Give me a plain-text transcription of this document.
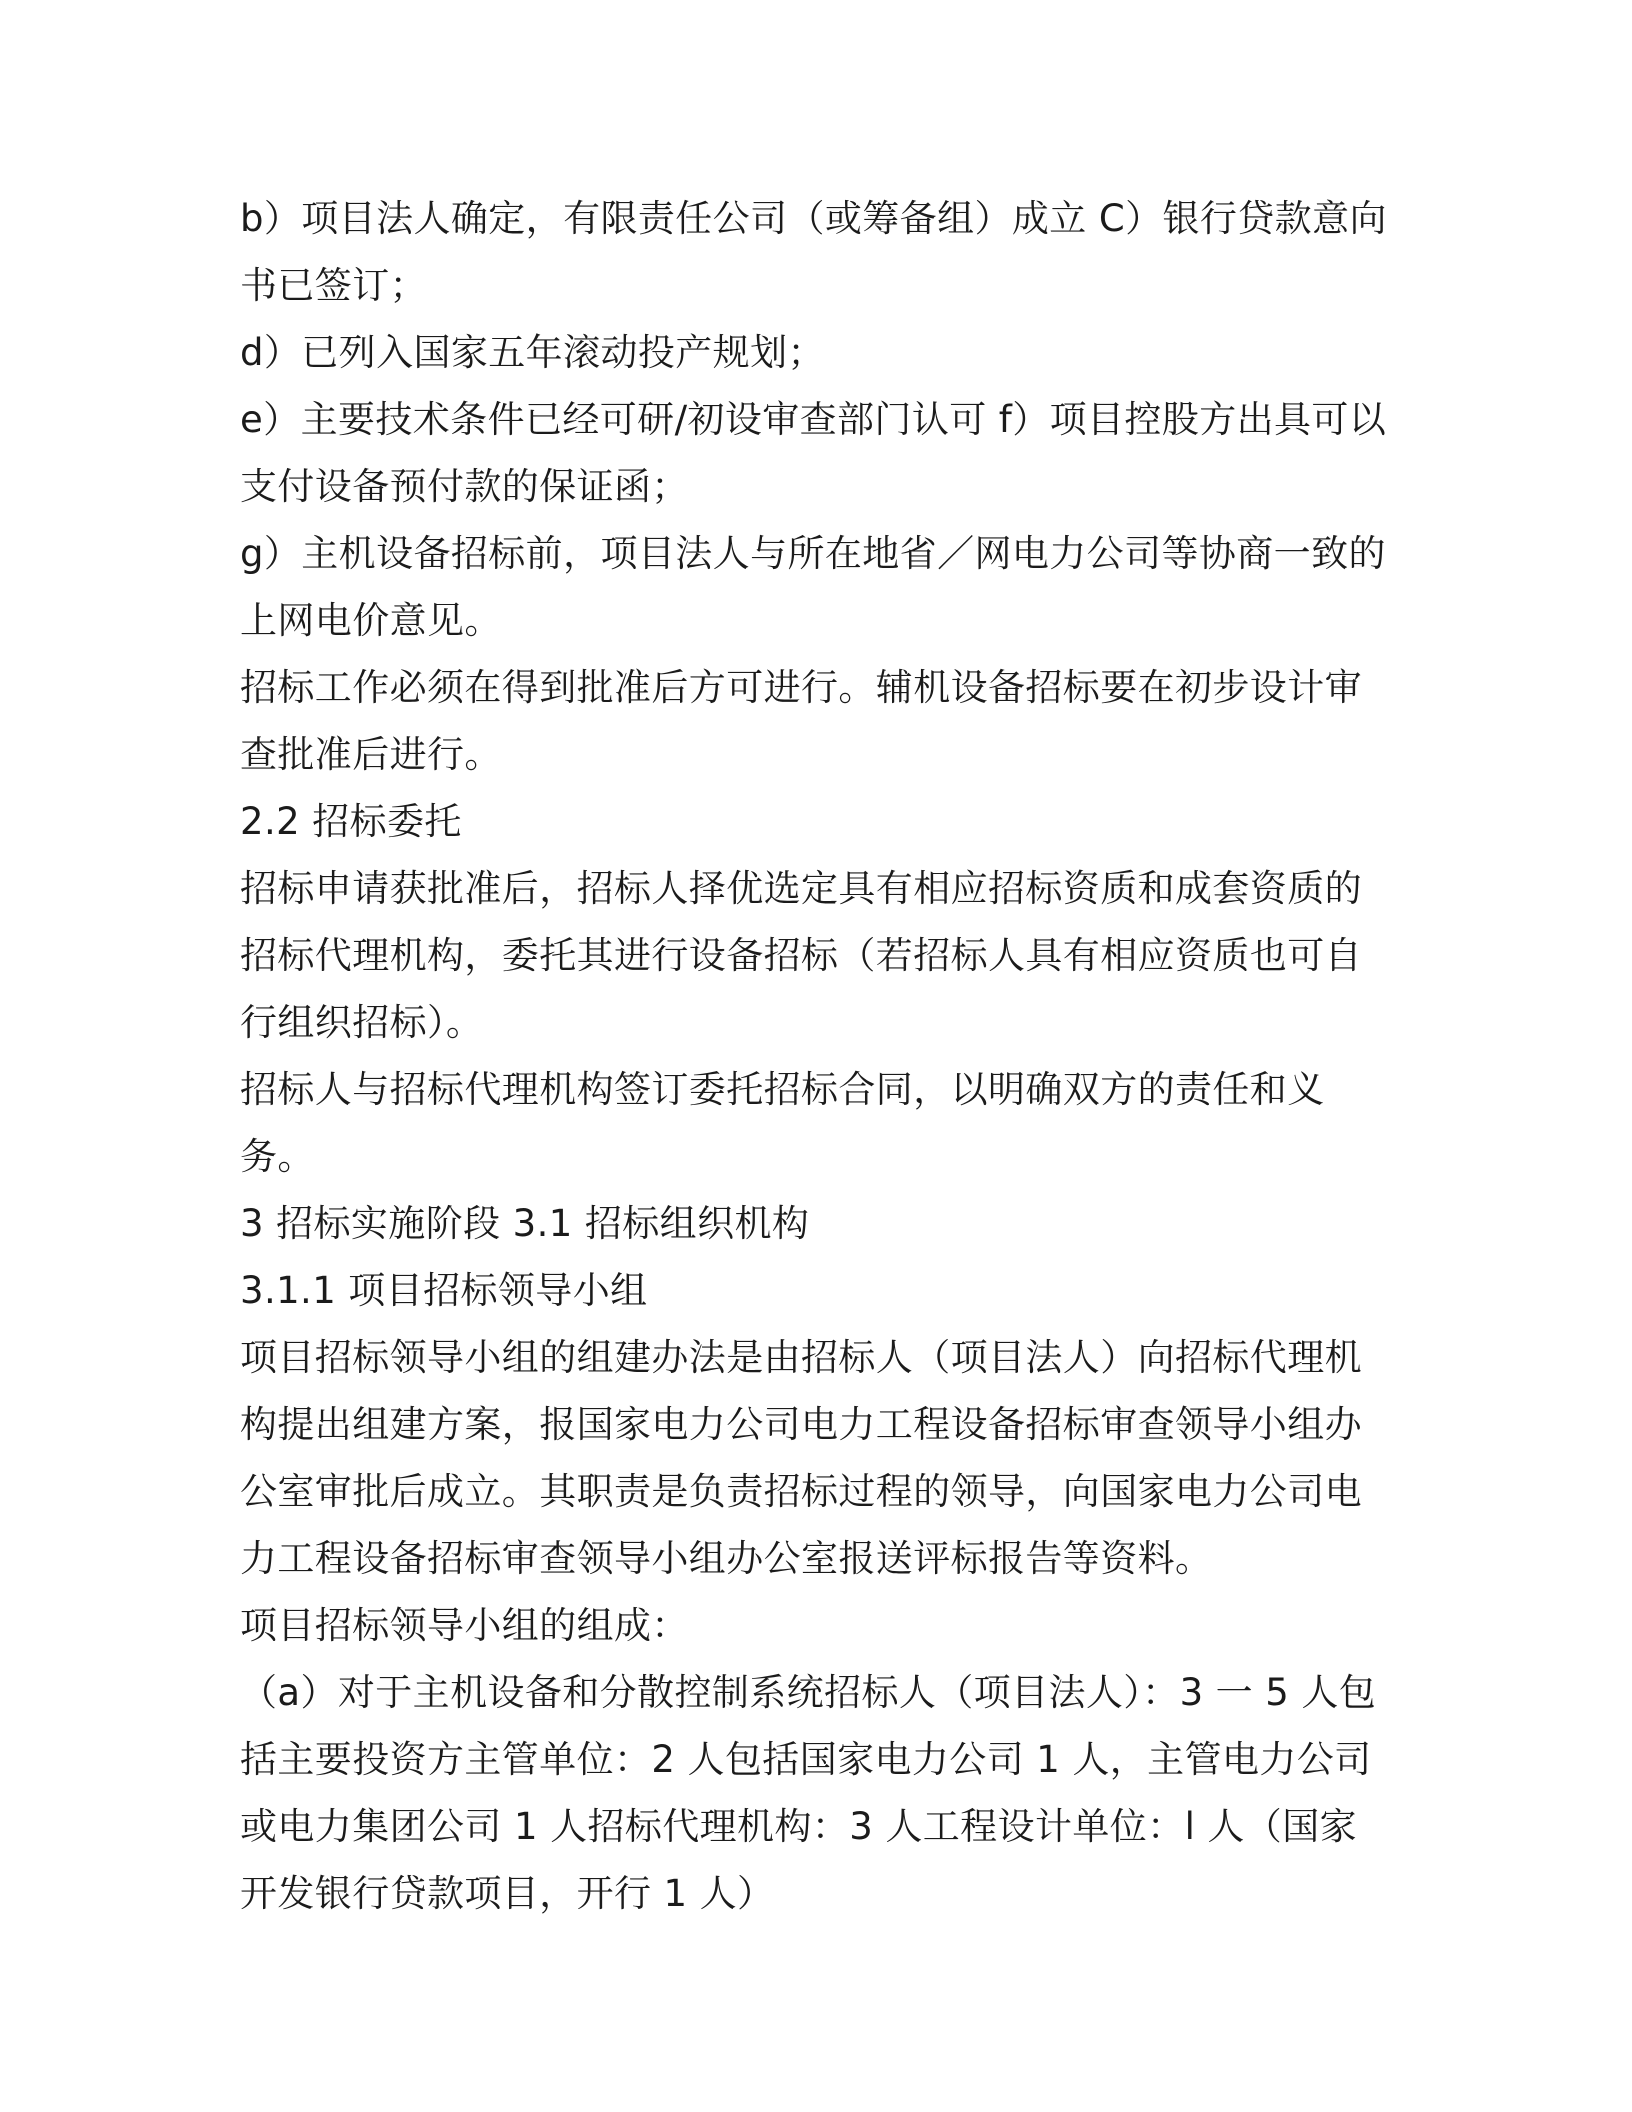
b）项目法人确定，有限责任公司（或筹备组）成立 C）银行贷款意向书已签订；

d）已列入国家五年滚动投产规划；

e）主要技术条件已经可研/初设审查部门认可 f）项目控股方出具可以支付设备预付款的保证函；

g）主机设备招标前，项目法人与所在地省／网电力公司等协商一致的上网电价意见。

招标工作必须在得到批准后方可进行。辅机设备招标要在初步设计审查批准后进行。

2.2 招标委托

招标申请获批准后，招标人择优选定具有相应招标资质和成套资质的招标代理机构，委托其进行设备招标（若招标人具有相应资质也可自行组织招标）。

招标人与招标代理机构签订委托招标合同，以明确双方的责任和义务。

3 招标实施阶段 3.1 招标组织机构

3.1.1 项目招标领导小组

项目招标领导小组的组建办法是由招标人（项目法人）向招标代理机构提出组建方案，报国家电力公司电力工程设备招标审查领导小组办公室审批后成立。其职责是负责招标过程的领导，向国家电力公司电力工程设备招标审查领导小组办公室报送评标报告等资料。

项目招标领导小组的组成：

（a）对于主机设备和分散控制系统招标人（项目法人）：3 一 5 人包括主要投资方主管单位：2 人包括国家电力公司 1 人，主管电力公司或电力集团公司 1 人招标代理机构：3 人工程设计单位：l 人（国家开发银行贷款项目，开行 1 人）
